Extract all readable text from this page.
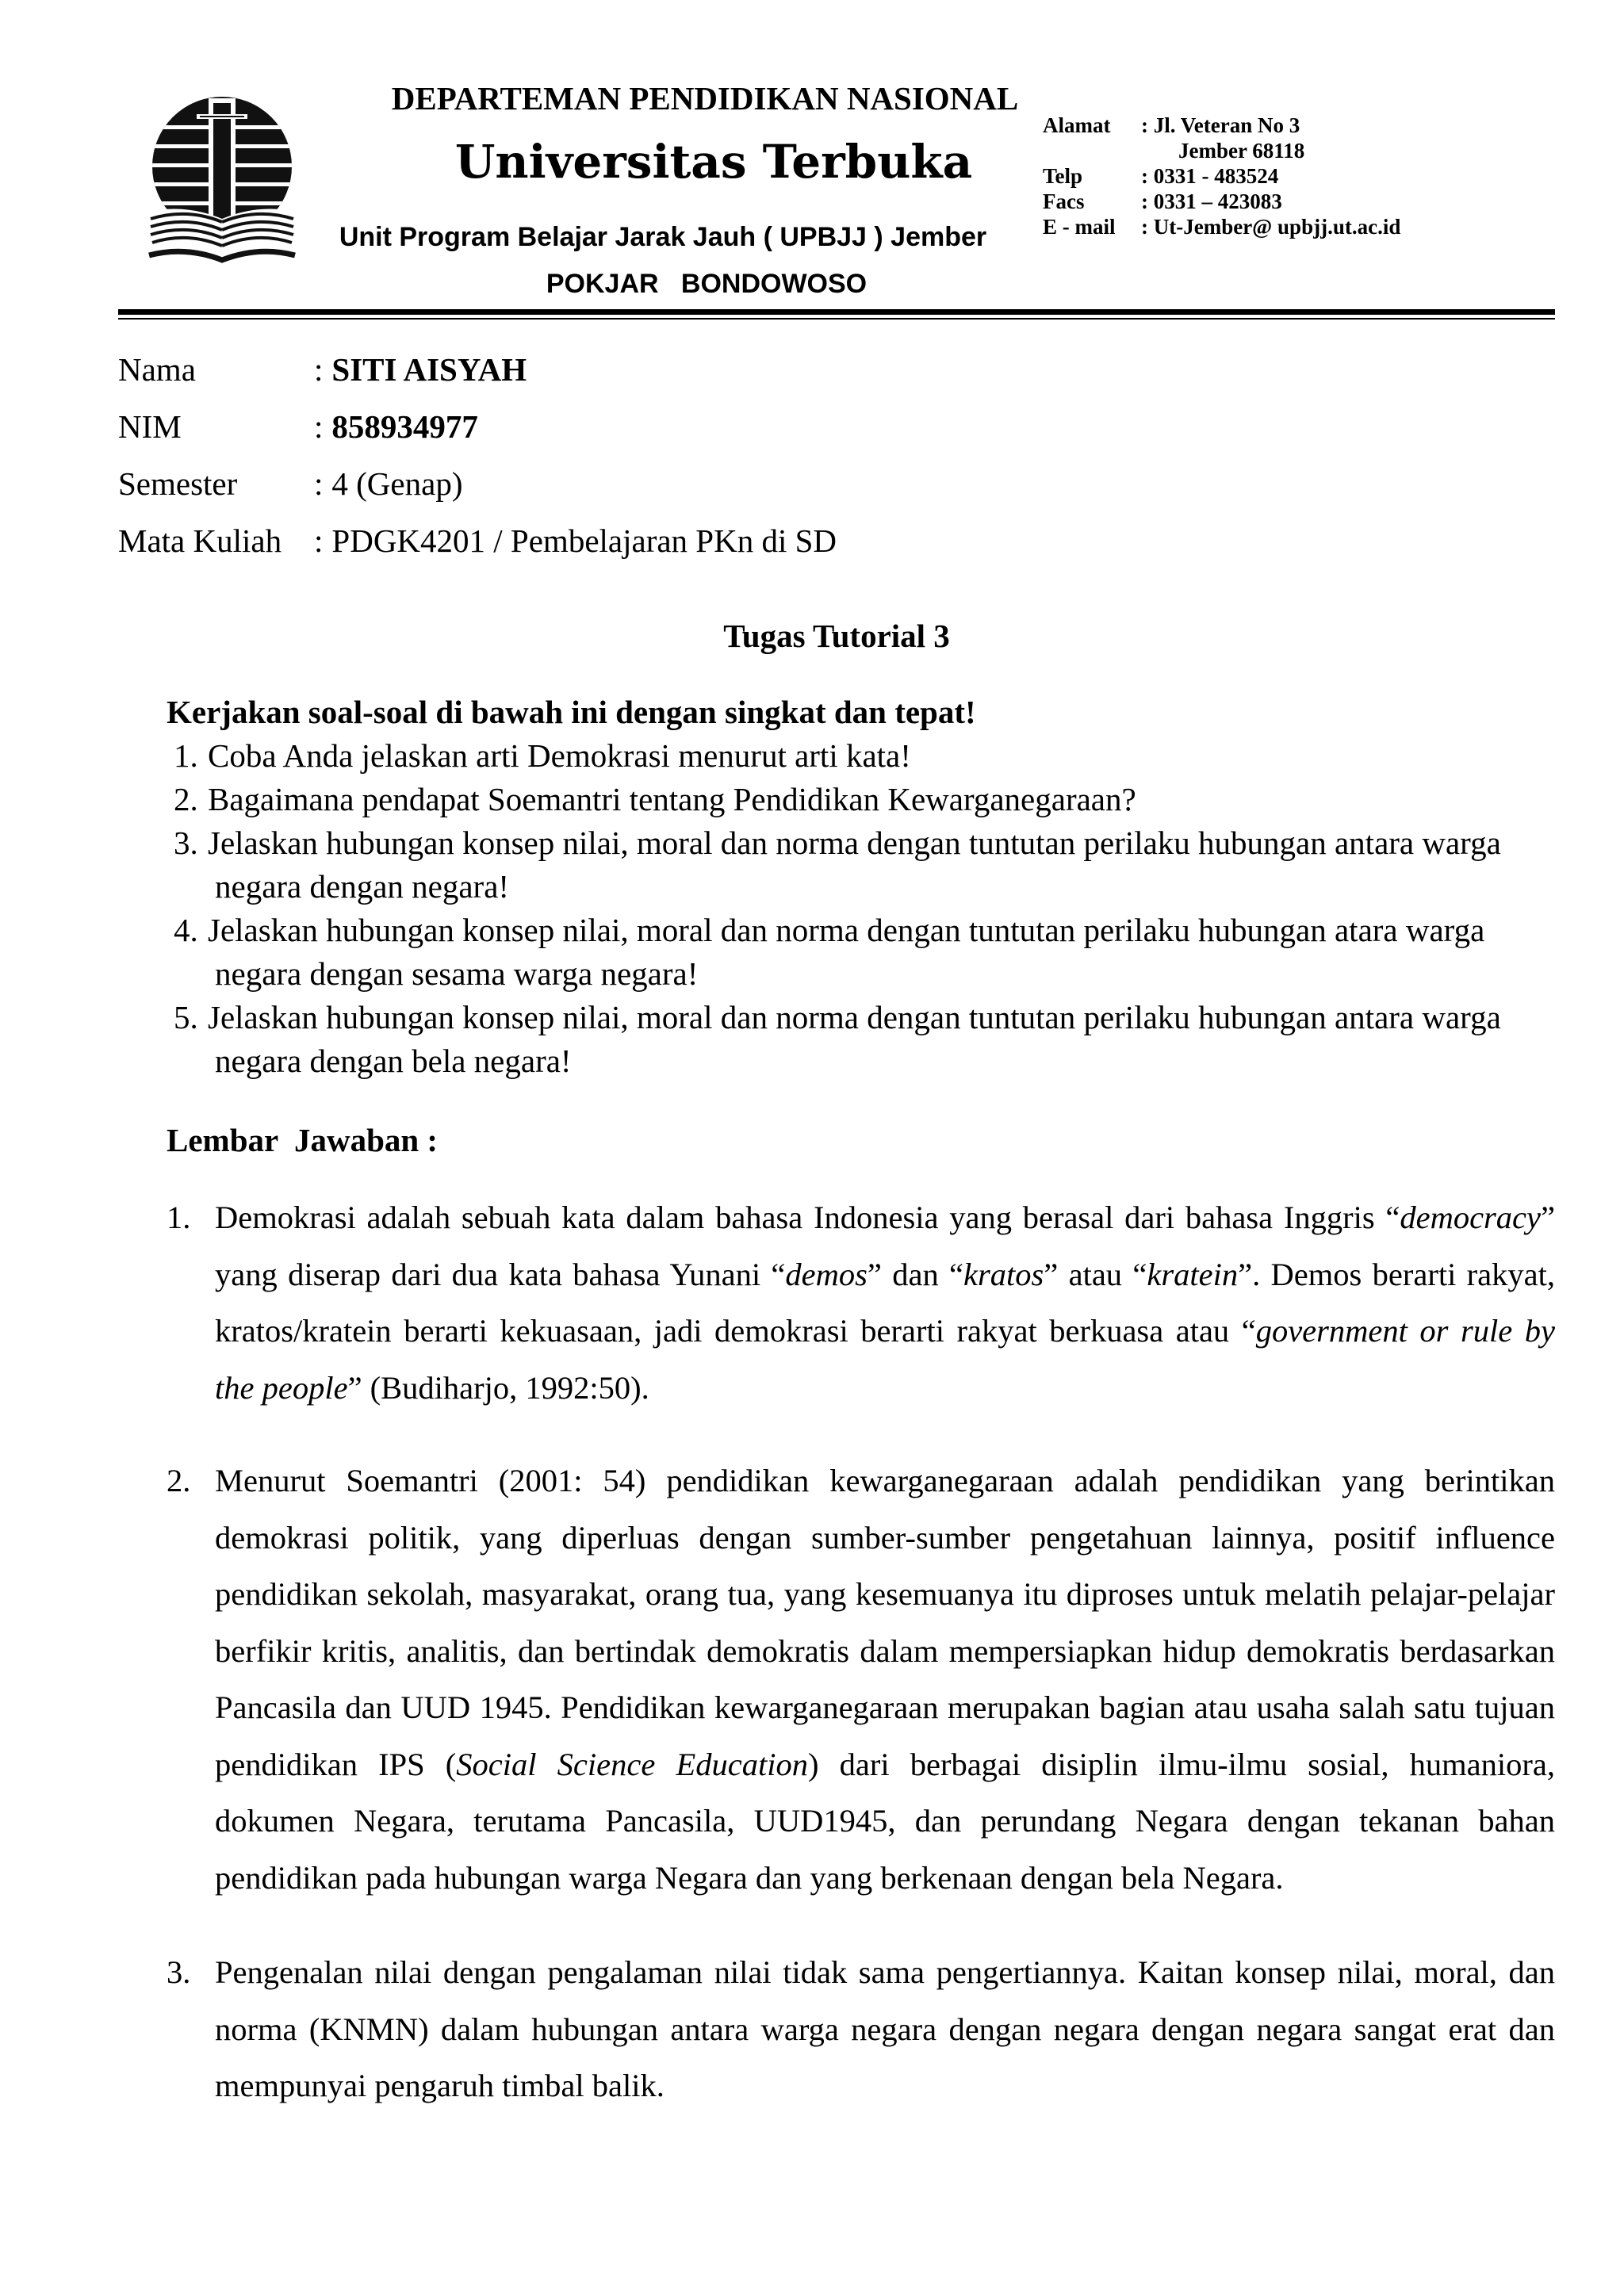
DEPARTEMAN PENDIDIKAN NASIONAL
Universitas Terbuka
Unit Program Belajar Jarak Jauh ( UPBJJ ) Jember
POKJAR   BONDOWOSO
Alamat	: Jl. Veteran No 3
Jember 68118
Telp	: 0331 - 483524
Facs	: 0331 – 423083
E - mail	: Ut-Jember@ upbjj.ut.ac.id
Nama	: SITI AISYAH
NIM	: 858934977
Semester	: 4 (Genap)
Mata Kuliah : PDGK4201 / Pembelajaran PKn di SD
Tugas Tutorial 3
Kerjakan soal-soal di bawah ini dengan singkat dan tepat!
1. Coba Anda jelaskan arti Demokrasi menurut arti kata!
2. Bagaimana pendapat Soemantri tentang Pendidikan Kewarganegaraan?
3. Jelaskan hubungan konsep nilai, moral dan norma dengan tuntutan perilaku hubungan antara warga
negara dengan negara!
4. Jelaskan hubungan konsep nilai, moral dan norma dengan tuntutan perilaku hubungan atara warga
negara dengan sesama warga negara!
5. Jelaskan hubungan konsep nilai, moral dan norma dengan tuntutan perilaku hubungan antara warga
negara dengan bela negara!
Lembar  Jawaban :
1. Demokrasi adalah sebuah kata dalam bahasa Indonesia yang berasal dari bahasa Inggris “democracy”
yang diserap dari dua kata bahasa Yunani “demos” dan “kratos” atau “kratein”. Demos berarti rakyat,
kratos/kratein berarti kekuasaan, jadi demokrasi berarti rakyat berkuasa atau “government or rule by
the people” (Budiharjo, 1992:50).
2. Menurut Soemantri (2001: 54) pendidikan kewarganegaraan adalah pendidikan yang berintikan
demokrasi politik, yang diperluas dengan sumber-sumber pengetahuan lainnya, positif influence
pendidikan sekolah, masyarakat, orang tua, yang kesemuanya itu diproses untuk melatih pelajar-pelajar
berfikir kritis, analitis, dan bertindak demokratis dalam mempersiapkan hidup demokratis berdasarkan
Pancasila dan UUD 1945. Pendidikan kewarganegaraan merupakan bagian atau usaha salah satu tujuan
pendidikan IPS (Social Science Education) dari berbagai disiplin ilmu-ilmu sosial, humaniora,
dokumen Negara, terutama Pancasila, UUD1945, dan perundang Negara dengan tekanan bahan
pendidikan pada hubungan warga Negara dan yang berkenaan dengan bela Negara.
3. Pengenalan nilai dengan pengalaman nilai tidak sama pengertiannya. Kaitan konsep nilai, moral, dan
norma (KNMN) dalam hubungan antara warga negara dengan negara dengan negara sangat erat dan
mempunyai pengaruh timbal balik.
